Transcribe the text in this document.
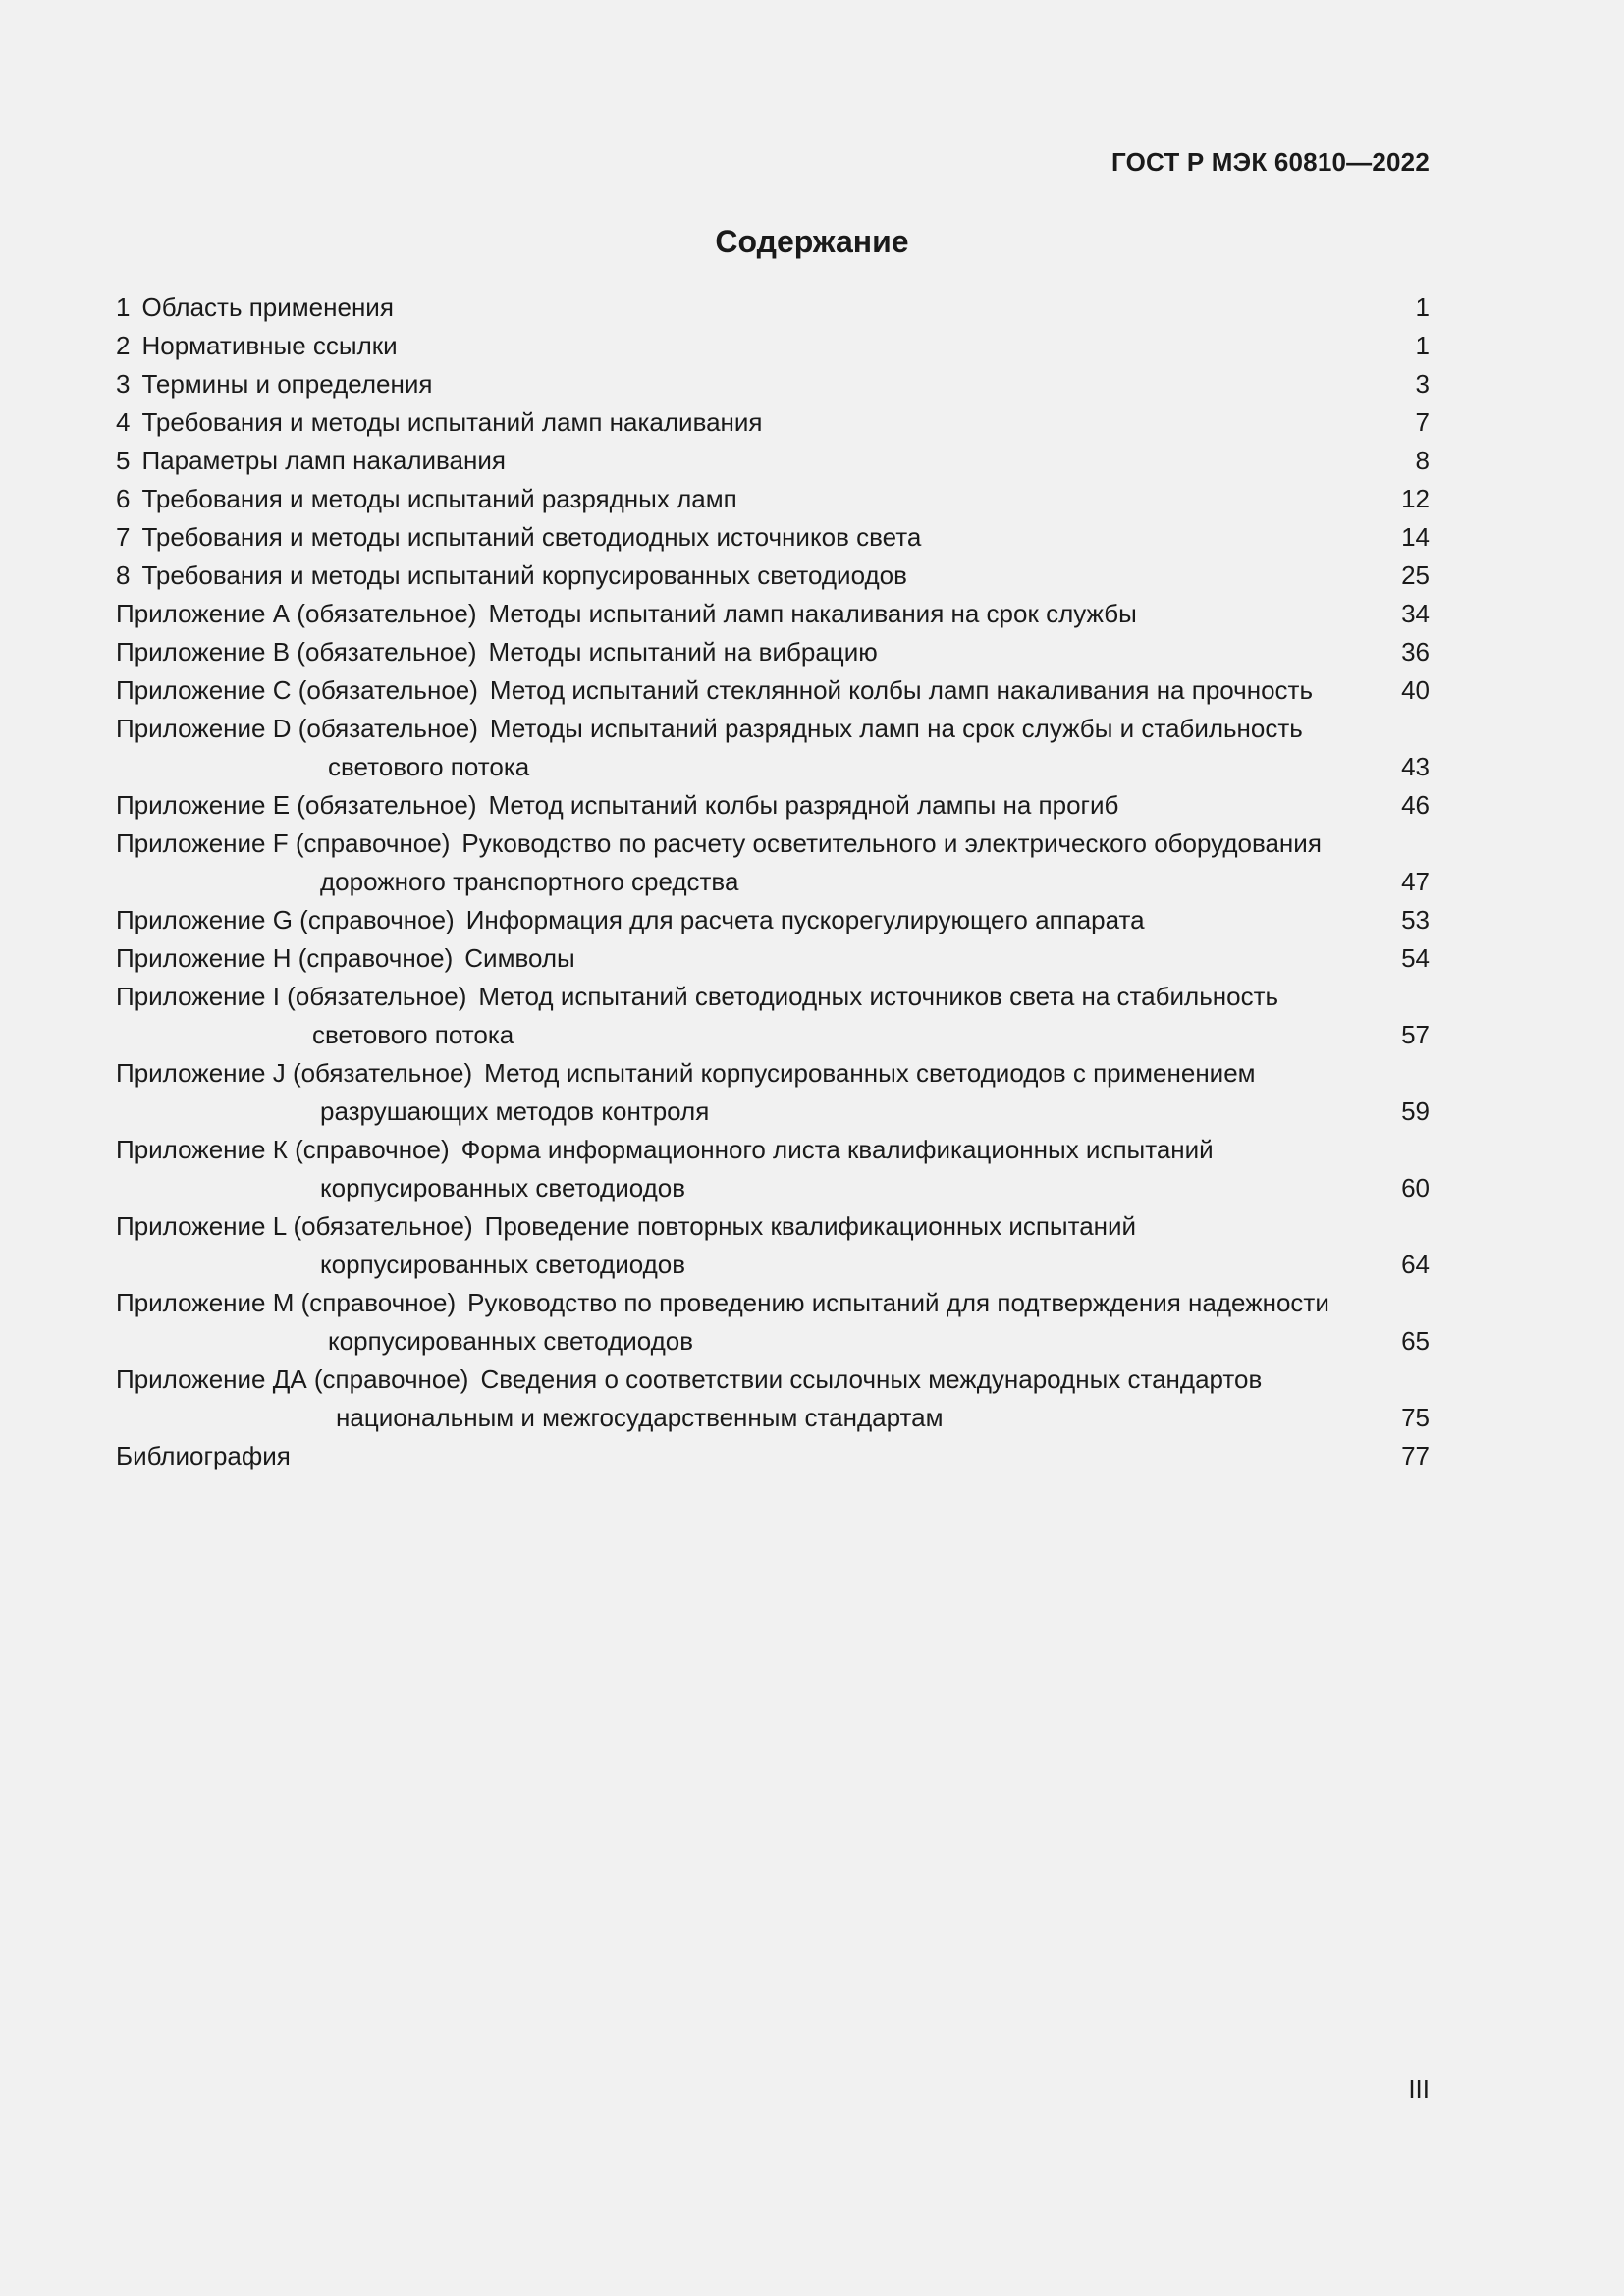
ГОСТ Р МЭК 60810—2022
Содержание
1 Область применения	1
2 Нормативные ссылки	1
3 Термины и определения	3
4 Требования и методы испытаний ламп накаливания	7
5 Параметры ламп накаливания	8
6 Требования и методы испытаний разрядных ламп	12
7 Требования и методы испытаний светодиодных источников света	14
8 Требования и методы испытаний корпусированных светодиодов	25
Приложение А (обязательное) Методы испытаний ламп накаливания на срок службы	34
Приложение В (обязательное) Методы испытаний на вибрацию	36
Приложение С (обязательное) Метод испытаний стеклянной колбы ламп накаливания на прочность	40
Приложение D (обязательное) Методы испытаний разрядных ламп на срок службы и стабильность
светового потока	43
Приложение Е (обязательное) Метод испытаний колбы разрядной лампы на прогиб	46
Приложение F (справочное) Руководство по расчету осветительного и электрического оборудования
дорожного транспортного средства	47
Приложение G (справочное) Информация для расчета пускорегулирующего аппарата	53
Приложение Н (справочное) Символы	54
Приложение I (обязательное) Метод испытаний светодиодных источников света на стабильность
светового потока	57
Приложение J (обязательное) Метод испытаний корпусированных светодиодов с применением
разрушающих методов контроля	59
Приложение К (справочное) Форма информационного листа квалификационных испытаний
корпусированных светодиодов	60
Приложение L (обязательное) Проведение повторных квалификационных испытаний
корпусированных светодиодов	64
Приложение М (справочное) Руководство по проведению испытаний для подтверждения надежности
корпусированных светодиодов	65
Приложение ДА (справочное) Сведения о соответствии ссылочных международных стандартов
национальным и межгосударственным стандартам	75
Библиография	77
III
